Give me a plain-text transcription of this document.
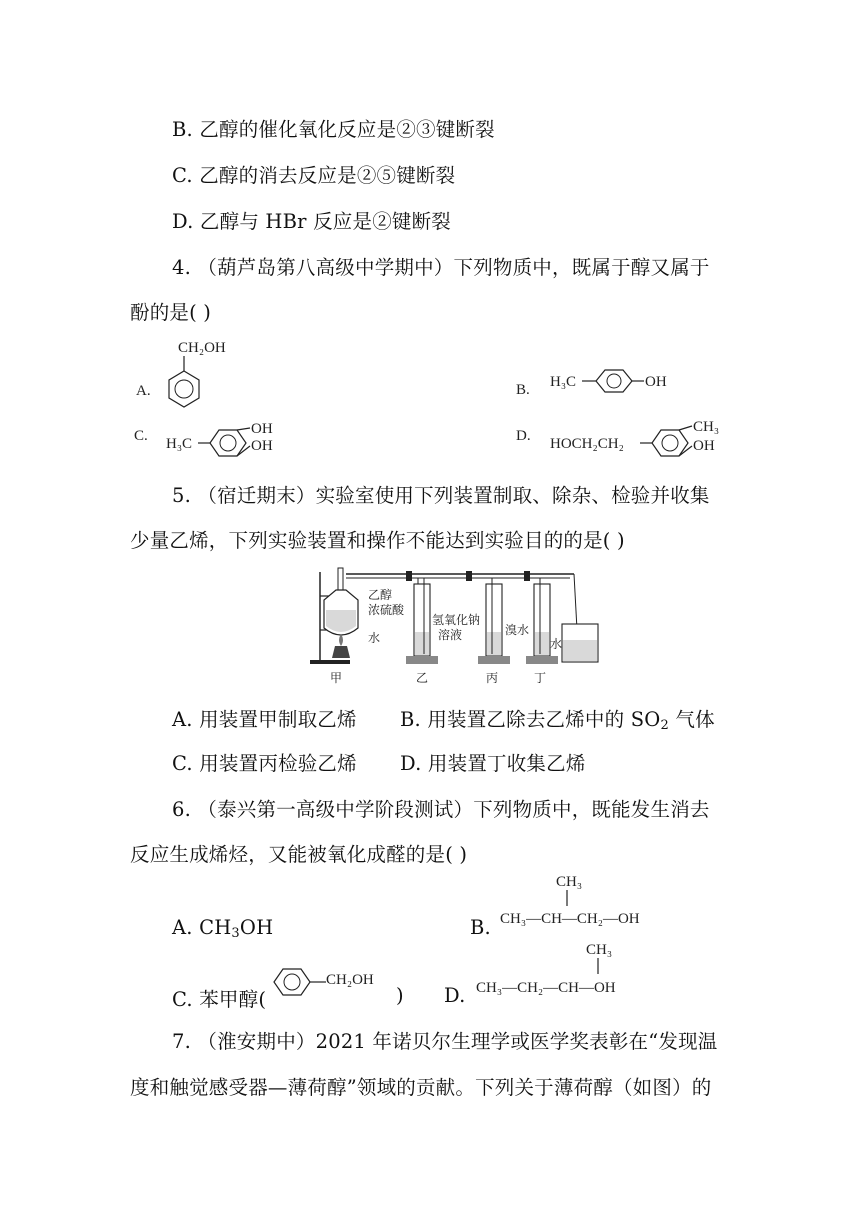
B. 乙醇的催化氧化反应是②③键断裂
C. 乙醇的消去反应是②⑤键断裂
D. 乙醇与 HBr 反应是②键断裂
4. （葫芦岛第八高级中学期中）下列物质中，既属于醇又属于
酚的是( )
A.
CH₂OH
B. H₃C	OH
C. H₃C
OH
OH
D. HOCH₂CH₂
CH₃
OH
5. （宿迁期末）实验室使用下列装置制取、除杂、检验并收集
少量乙烯，下列实验装置和操作不能达到实验目的的是( )
乙醇
浓硫酸
水
氢氧化钠
溶液	溴水
水
甲	乙	丙	丁
A. 用装置甲制取乙烯 B. 用装置乙除去乙烯中的 $SO_2$ 气体
C. 用装置丙检验乙烯 D. 用装置丁收集乙烯
6. （泰兴第一高级中学阶段测试）下列物质中，既能发生消去
反应生成烯烃，又能被氧化成醛的是( )
A. $CH_3OH$	B.
CH₃
CH₃—CH—CH₂—OH
C. 苯甲醇(
CH₂OH
) D.
CH₃
CH₃—CH₂—CH—OH
7. （淮安期中）2021 年诺贝尔生理学或医学奖表彰在“发现温
度和触觉感受器—薄荷醇”领域的贡献。下列关于薄荷醇（如图）的
